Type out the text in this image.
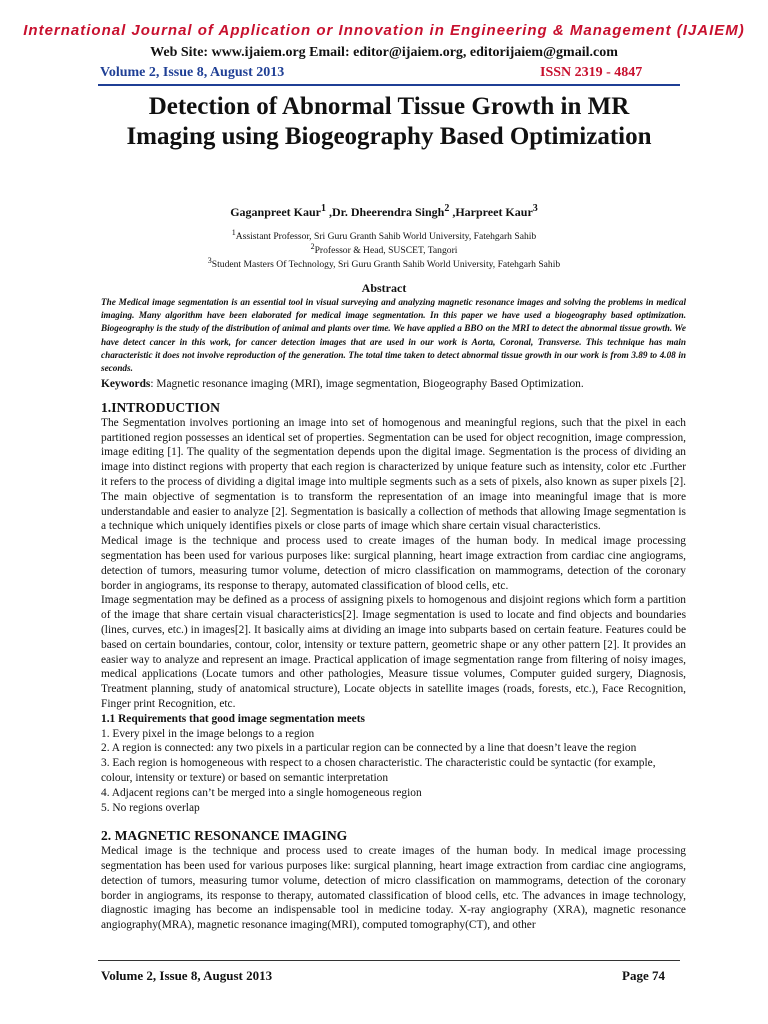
International Journal of Application or Innovation in Engineering & Management (IJAIEM)
Web Site: www.ijaiem.org Email: editor@ijaiem.org, editorijaiem@gmail.com
Volume 2, Issue 8, August 2013	ISSN 2319 - 4847
Detection of Abnormal Tissue Growth in MR Imaging using Biogeography Based Optimization
Gaganpreet Kaur$^1$ ,Dr. Dheerendra Singh$^2$ ,Harpreet Kaur$^3$
$^1$Assistant Professor, Sri Guru Granth Sahib World University, Fatehgarh Sahib
$^2$Professor & Head, SUSCET, Tangori
$^3$Student Masters Of Technology, Sri Guru Granth Sahib World University, Fatehgarh Sahib
Abstract
The Medical image segmentation is an essential tool in visual surveying and analyzing magnetic resonance images and solving the problems in medical imaging. Many algorithm have been elaborated for medical image segmentation. In this paper we have used a biogeography based optimization. Biogeography is the study of the distribution of animal and plants over time. We have applied a BBO on the MRI to detect the abnormal tissue growth. We have detect cancer in this work, for cancer detection images that are used in our work is Aorta, Coronal, Transverse. This technique has main characteristic it does not involve reproduction of the generation. The total time taken to detect abnormal tissue growth in our work is from 3.89 to 4.08 in seconds.
Keywords: Magnetic resonance imaging (MRI), image segmentation, Biogeography Based Optimization.
1.INTRODUCTION
The Segmentation involves portioning an image into set of homogenous and meaningful regions, such that the pixel in each partitioned region possesses an identical set of properties. Segmentation can be used for object recognition, image compression, image editing [1]. The quality of the segmentation depends upon the digital image. Segmentation is the process of dividing an image into distinct regions with property that each region is characterized by unique feature such as intensity, color etc .Further it refers to the process of dividing a digital image into multiple segments such as a sets of pixels, also known as super pixels [2]. The main objective of segmentation is to transform the representation of an image into meaningful image that is more understandable and easier to analyze [2]. Segmentation is basically a collection of methods that allowing Image segmentation is a technique which uniquely identifies pixels or close parts of image which share certain visual characteristics.
Medical image is the technique and process used to create images of the human body. In medical image processing segmentation has been used for various purposes like: surgical planning, heart image extraction from cardiac cine angiograms, detection of tumors, measuring tumor volume, detection of micro classification on mammograms, detection of the coronary border in angiograms, its response to therapy, automated classification of blood cells, etc.
Image segmentation may be defined as a process of assigning pixels to homogenous and disjoint regions which form a partition of the image that share certain visual characteristics[2]. Image segmentation is used to locate and find objects and boundaries (lines, curves, etc.) in images[2]. It basically aims at dividing an image into subparts based on certain feature. Features could be based on certain boundaries, contour, color, intensity or texture pattern, geometric shape or any other pattern [2]. It provides an easier way to analyze and represent an image. Practical application of image segmentation range from filtering of noisy images, medical applications (Locate tumors and other pathologies, Measure tissue volumes, Computer guided surgery, Diagnosis, Treatment planning, study of anatomical structure), Locate objects in satellite images (roads, forests, etc.), Face Recognition, Finger print Recognition, etc.
1.1 Requirements that good image segmentation meets
1. Every pixel in the image belongs to a region
2. A region is connected: any two pixels in a particular region can be connected by a line that doesn’t leave the region
3. Each region is homogeneous with respect to a chosen characteristic. The characteristic could be syntactic (for example, colour, intensity or texture) or based on semantic interpretation
4. Adjacent regions can’t be merged into a single homogeneous region
5. No regions overlap
2. MAGNETIC RESONANCE IMAGING
Medical image is the technique and process used to create images of the human body. In medical image processing segmentation has been used for various purposes like: surgical planning, heart image extraction from cardiac cine angiograms, detection of tumors, measuring tumor volume, detection of micro classification on mammograms, detection of the coronary border in angiograms, its response to therapy, automated classification of blood cells, etc. The advances in image technology, diagnostic imaging has become an indispensable tool in medicine today. X-ray angiography (XRA), magnetic resonance angiography(MRA), magnetic resonance imaging(MRI), computed tomography(CT), and other
Volume 2, Issue 8, August 2013	Page 74
